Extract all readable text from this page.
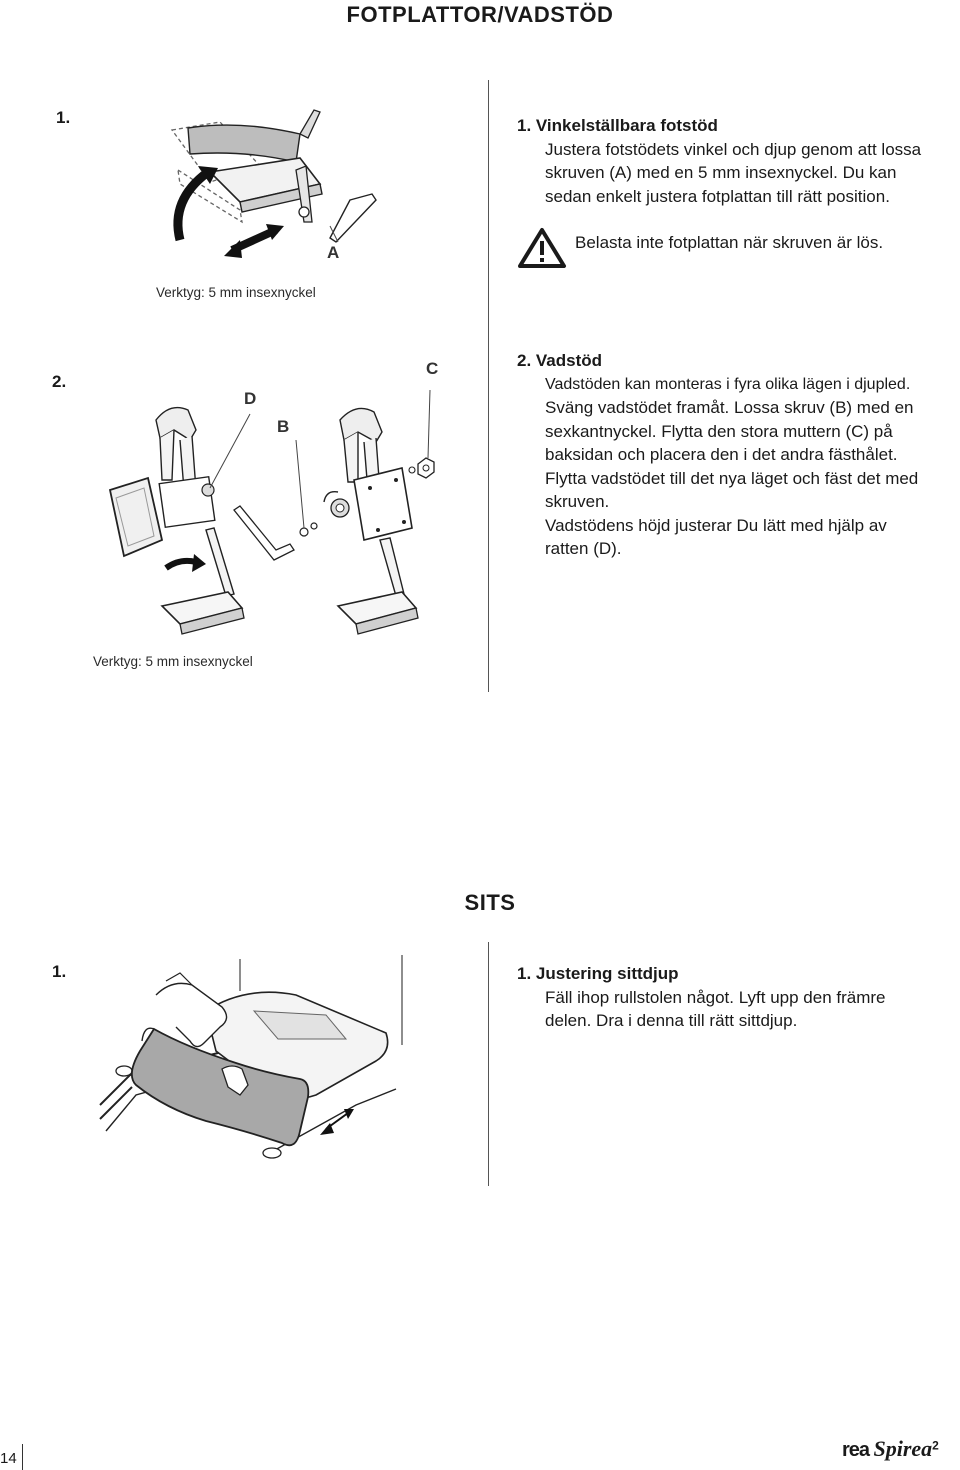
FOTPLATTOR/VADSTÖD
1.
A
Verktyg: 5 mm insexnyckel
1. Vinkelställbara fotstöd
Justera fotstödets vinkel och djup genom att lossa
skruven (A) med en 5 mm insexnyckel. Du kan
sedan enkelt justera fotplattan till rätt position.
Belasta inte fotplattan när skruven är lös.
2.
D
B
C
Verktyg: 5 mm insexnyckel
2. Vadstöd
Vadstöden kan monteras i fyra olika lägen i djupled.
Sväng vadstödet framåt. Lossa skruv (B) med en
sexkantnyckel. Flytta den stora muttern (C) på
baksidan och placera den i det andra fästhålet.
Flytta vadstödet till det nya läget och fäst det med
skruven.
Vadstödens höjd justerar Du lätt med hjälp av
ratten (D).
SITS
1.	1. Justering sittdjup
Fäll ihop rullstolen något. Lyft upp den främre
delen. Dra i denna till rätt sittdjup.
14	rea Spirea$^2$
